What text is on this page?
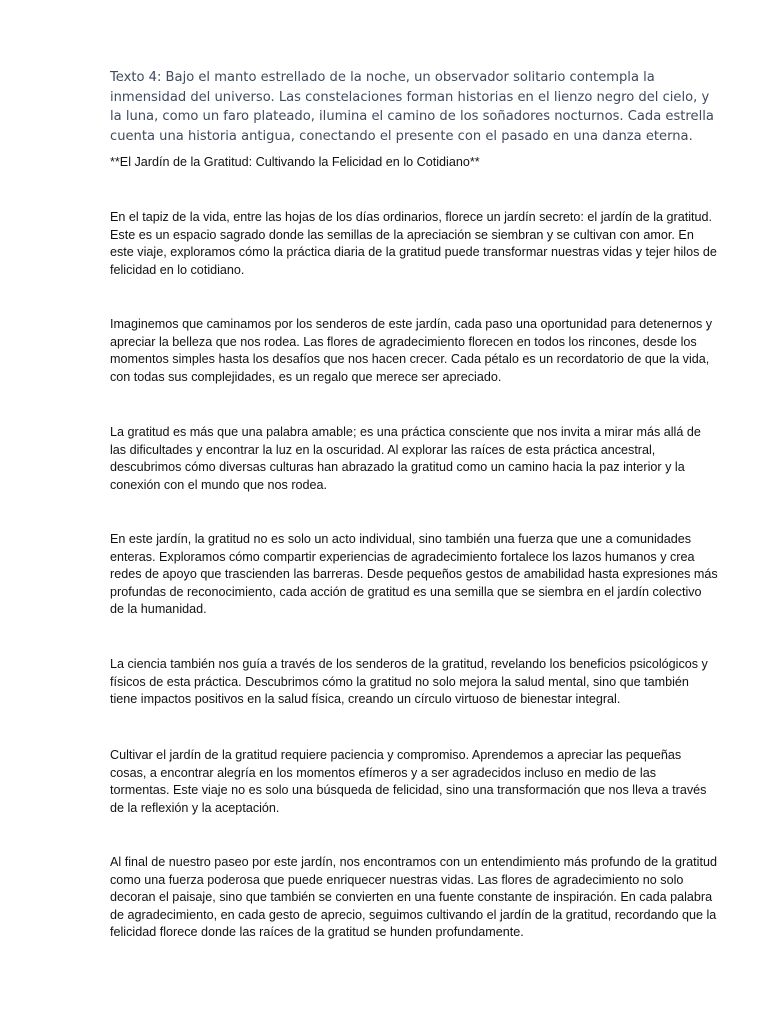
Texto 4: Bajo el manto estrellado de la noche, un observador solitario contempla la inmensidad del universo. Las constelaciones forman historias en el lienzo negro del cielo, y la luna, como un faro plateado, ilumina el camino de los soñadores nocturnos. Cada estrella cuenta una historia antigua, conectando el presente con el pasado en una danza eterna.

**El Jardín de la Gratitud: Cultivando la Felicidad en lo Cotidiano**

En el tapiz de la vida, entre las hojas de los días ordinarios, florece un jardín secreto: el jardín de la gratitud. Este es un espacio sagrado donde las semillas de la apreciación se siembran y se cultivan con amor. En este viaje, exploramos cómo la práctica diaria de la gratitud puede transformar nuestras vidas y tejer hilos de felicidad en lo cotidiano.

Imaginemos que caminamos por los senderos de este jardín, cada paso una oportunidad para detenernos y apreciar la belleza que nos rodea. Las flores de agradecimiento florecen en todos los rincones, desde los momentos simples hasta los desafíos que nos hacen crecer. Cada pétalo es un recordatorio de que la vida, con todas sus complejidades, es un regalo que merece ser apreciado.

La gratitud es más que una palabra amable; es una práctica consciente que nos invita a mirar más allá de las dificultades y encontrar la luz en la oscuridad. Al explorar las raíces de esta práctica ancestral, descubrimos cómo diversas culturas han abrazado la gratitud como un camino hacia la paz interior y la conexión con el mundo que nos rodea.

En este jardín, la gratitud no es solo un acto individual, sino también una fuerza que une a comunidades enteras. Exploramos cómo compartir experiencias de agradecimiento fortalece los lazos humanos y crea redes de apoyo que trascienden las barreras. Desde pequeños gestos de amabilidad hasta expresiones más profundas de reconocimiento, cada acción de gratitud es una semilla que se siembra en el jardín colectivo de la humanidad.

La ciencia también nos guía a través de los senderos de la gratitud, revelando los beneficios psicológicos y físicos de esta práctica. Descubrimos cómo la gratitud no solo mejora la salud mental, sino que también tiene impactos positivos en la salud física, creando un círculo virtuoso de bienestar integral.

Cultivar el jardín de la gratitud requiere paciencia y compromiso. Aprendemos a apreciar las pequeñas cosas, a encontrar alegría en los momentos efímeros y a ser agradecidos incluso en medio de las tormentas. Este viaje no es solo una búsqueda de felicidad, sino una transformación que nos lleva a través de la reflexión y la aceptación.

Al final de nuestro paseo por este jardín, nos encontramos con un entendimiento más profundo de la gratitud como una fuerza poderosa que puede enriquecer nuestras vidas. Las flores de agradecimiento no solo decoran el paisaje, sino que también se convierten en una fuente constante de inspiración. En cada palabra de agradecimiento, en cada gesto de aprecio, seguimos cultivando el jardín de la gratitud, recordando que la felicidad florece donde las raíces de la gratitud se hunden profundamente.
